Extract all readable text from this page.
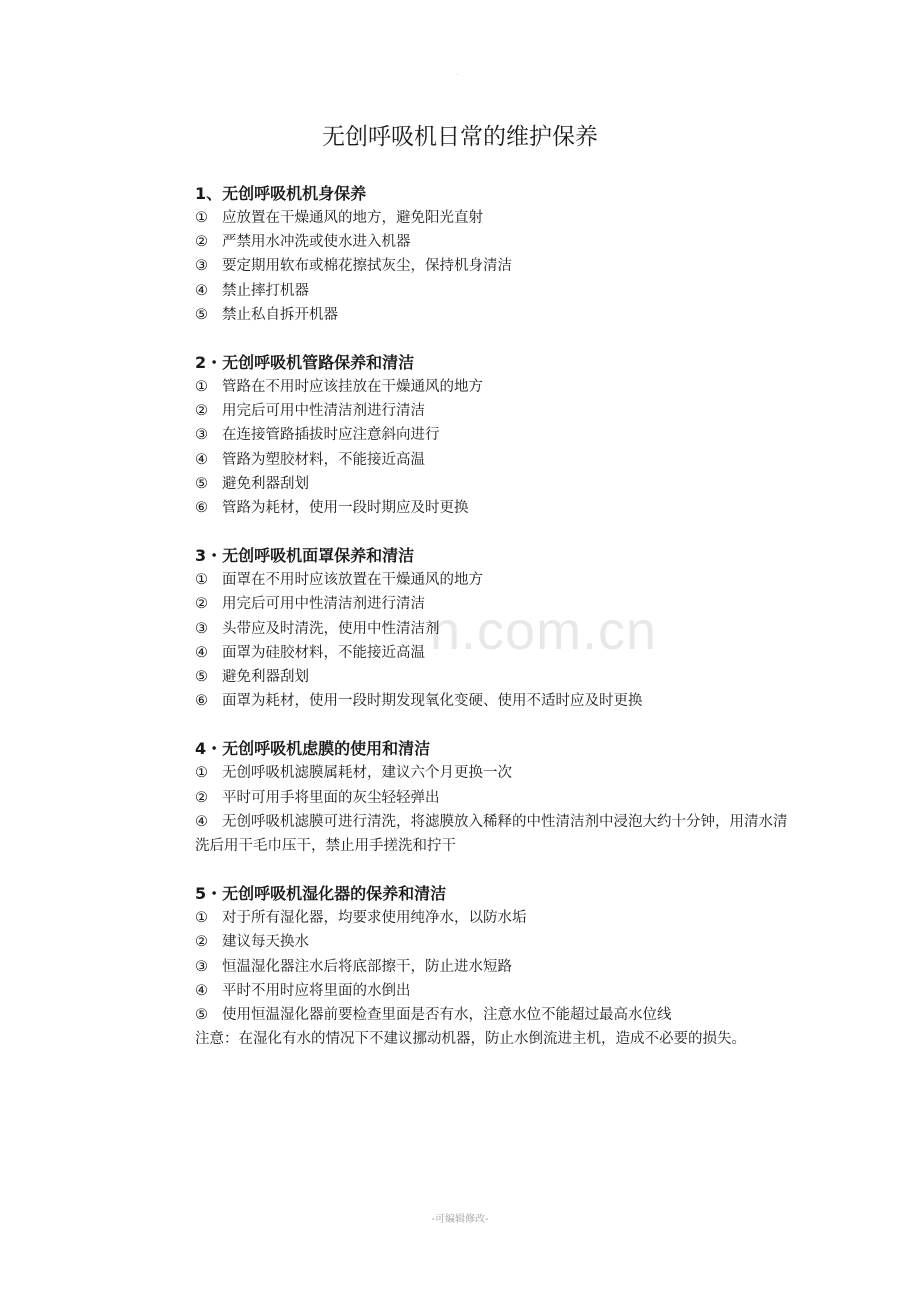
·
n.com.cn
无创呼吸机日常的维护保养

1、无创呼吸机机身保养

① 应放置在干燥通风的地方，避免阳光直射

② 严禁用水冲洗或使水进入机器

③ 要定期用软布或棉花擦拭灰尘，保持机身清洁

④ 禁止摔打机器

⑤ 禁止私自拆开机器

2・无创呼吸机管路保养和清洁

① 管路在不用时应该挂放在干燥通风的地方

② 用完后可用中性清洁剂进行清洁

③ 在连接管路插拔时应注意斜向进行

④ 管路为塑胶材料，不能接近高温

⑤ 避免利器刮划

⑥ 管路为耗材，使用一段时期应及时更换

3・无创呼吸机面罩保养和清洁

① 面罩在不用时应该放置在干燥通风的地方

② 用完后可用中性清洁剂进行清洁

③ 头带应及时清洗，使用中性清洁剂

④ 面罩为硅胶材料，不能接近高温

⑤ 避免利器刮划

⑥ 面罩为耗材，使用一段时期发现氧化变硬、使用不适时应及时更换

4・无创呼吸机虑膜的使用和清洁

① 无创呼吸机滤膜属耗材，建议六个月更换一次

② 平时可用手将里面的灰尘轻轻弹出

④ 无创呼吸机滤膜可进行清洗，将滤膜放入稀释的中性清洁剂中浸泡大约十分钟，用清水清洗后用干毛巾压干，禁止用手搓洗和拧干

5・无创呼吸机湿化器的保养和清洁

① 对于所有湿化器，均要求使用纯净水，以防水垢

② 建议每天换水

③ 恒温湿化器注水后将底部擦干，防止进水短路

④ 平时不用时应将里面的水倒出

⑤ 使用恒温湿化器前要检查里面是否有水，注意水位不能超过最高水位线

注意：在湿化有水的情况下不建议挪动机器，防止水倒流进主机，造成不必要的损失。

-可编辑修改-
